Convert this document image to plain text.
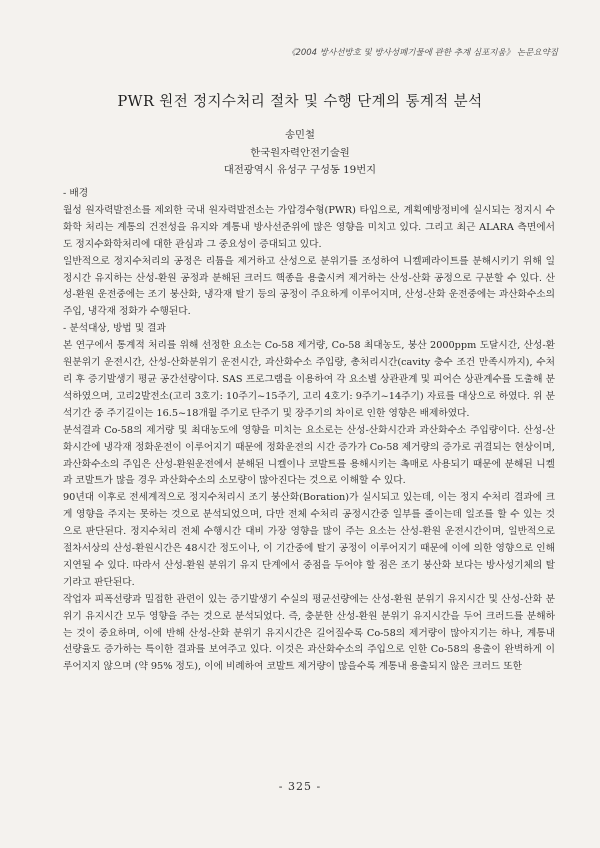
《2004 방사선방호 및 방사성폐기물에 관한 추계 심포지움》 논문요약집
PWR 원전 정지수처리 절차 및 수행 단계의 통계적 분석
송민철
한국원자력안전기술원
대전광역시 유성구 구성동 19번지

- 배경

월성 원자력발전소를 제외한 국내 원자력발전소는 가압경수형(PWR) 타입으로, 계획예방정비에 실시되는 정지시 수화학 처리는 계통의 건전성을 유지와 계통내 방사선준위에 많은 영향을 미치고 있다. 그리고 최근 ALARA 측면에서도 정지수화학처리에 대한 관심과 그 중요성이 증대되고 있다.

일반적으로 정지수처리의 공정은 리튬을 제거하고 산성으로 분위기를 조성하여 니켈페라이트를 분해시키기 위해 일정시간 유지하는 산성-환원 공정과 분해된 크러드 핵종을 용출시켜 제거하는 산성-산화 공정으로 구분할 수 있다. 산성-환원 운전중에는 조기 붕산화, 냉각재 탈기 등의 공정이 주요하게 이루어지며, 산성-산화 운전중에는 과산화수소의 주입, 냉각재 정화가 수행된다.

- 분석대상, 방법 및 결과

본 연구에서 통계적 처리를 위해 선정한 요소는 Co-58 제거량, Co-58 최대농도, 붕산 2000ppm 도달시간, 산성-환원분위기 운전시간, 산성-산화분위기 운전시간, 과산화수소 주입량, 총처리시간(cavity 충수 조건 만족시까지), 수처리 후 증기발생기 평균 공간선량이다. SAS 프로그램을 이용하여 각 요소별 상관관계 및 피어슨 상관계수를 도출해 분석하였으며, 고리2발전소(고리 3호기: 10주기~15주기, 고리 4호기: 9주기~14주기) 자료를 대상으로 하였다. 위 분석기간 중 주기길이는 16.5~18개월 주기로 단주기 및 장주기의 차이로 인한 영향은 배제하였다.

분석결과 Co-58의 제거량 및 최대농도에 영향을 미치는 요소로는 산성-산화시간과 과산화수소 주입량이다. 산성-산화시간에 냉각재 정화운전이 이루어지기 때문에 정화운전의 시간 증가가 Co-58 제거량의 증가로 귀결되는 현상이며, 과산화수소의 주입은 산성-환원운전에서 분해된 니켈이나 코발트를 용해시키는 촉매로 사용되기 때문에 분해된 니켈과 코발트가 많을 경우 과산화수소의 소모량이 많아진다는 것으로 이해할 수 있다.

90년대 이후로 전세계적으로 정지수처리시 조기 붕산화(Boration)가 실시되고 있는데, 이는 정지 수처리 결과에 크게 영향을 주지는 못하는 것으로 분석되었으며, 다만 전체 수처리 공정시간중 일부를 줄이는데 일조를 할 수 있는 것으로 판단된다. 정지수처리 전체 수행시간 대비 가장 영향을 많이 주는 요소는 산성-환원 운전시간이며, 일반적으로 절차서상의 산성-환원시간은 48시간 정도이나, 이 기간중에 탈기 공정이 이루어지기 때문에 이에 의한 영향으로 인해 지연될 수 있다. 따라서 산성-환원 분위기 유지 단계에서 중점을 두어야 할 점은 조기 붕산화 보다는 방사성기체의 탈기라고 판단된다.

작업자 피폭선량과 밀접한 관련이 있는 증기발생기 수실의 평균선량에는 산성-환원 분위기 유지시간 및 산성-산화 분위기 유지시간 모두 영향을 주는 것으로 분석되었다. 즉, 충분한 산성-환원 분위기 유지시간을 두어 크러드를 분해하는 것이 중요하며, 이에 반해 산성-산화 분위기 유지시간은 길어질수록 Co-58의 제거량이 많아지기는 하나, 계통내 선량율도 증가하는 특이한 결과를 보여주고 있다. 이것은 과산화수소의 주입으로 인한 Co-58의 용출이 완벽하게 이루어지지 않으며 (약 95% 정도), 이에 비례하여 코발트 제거량이 많을수록 계통내 용출되지 않은 크러드 또한

- 325 -
